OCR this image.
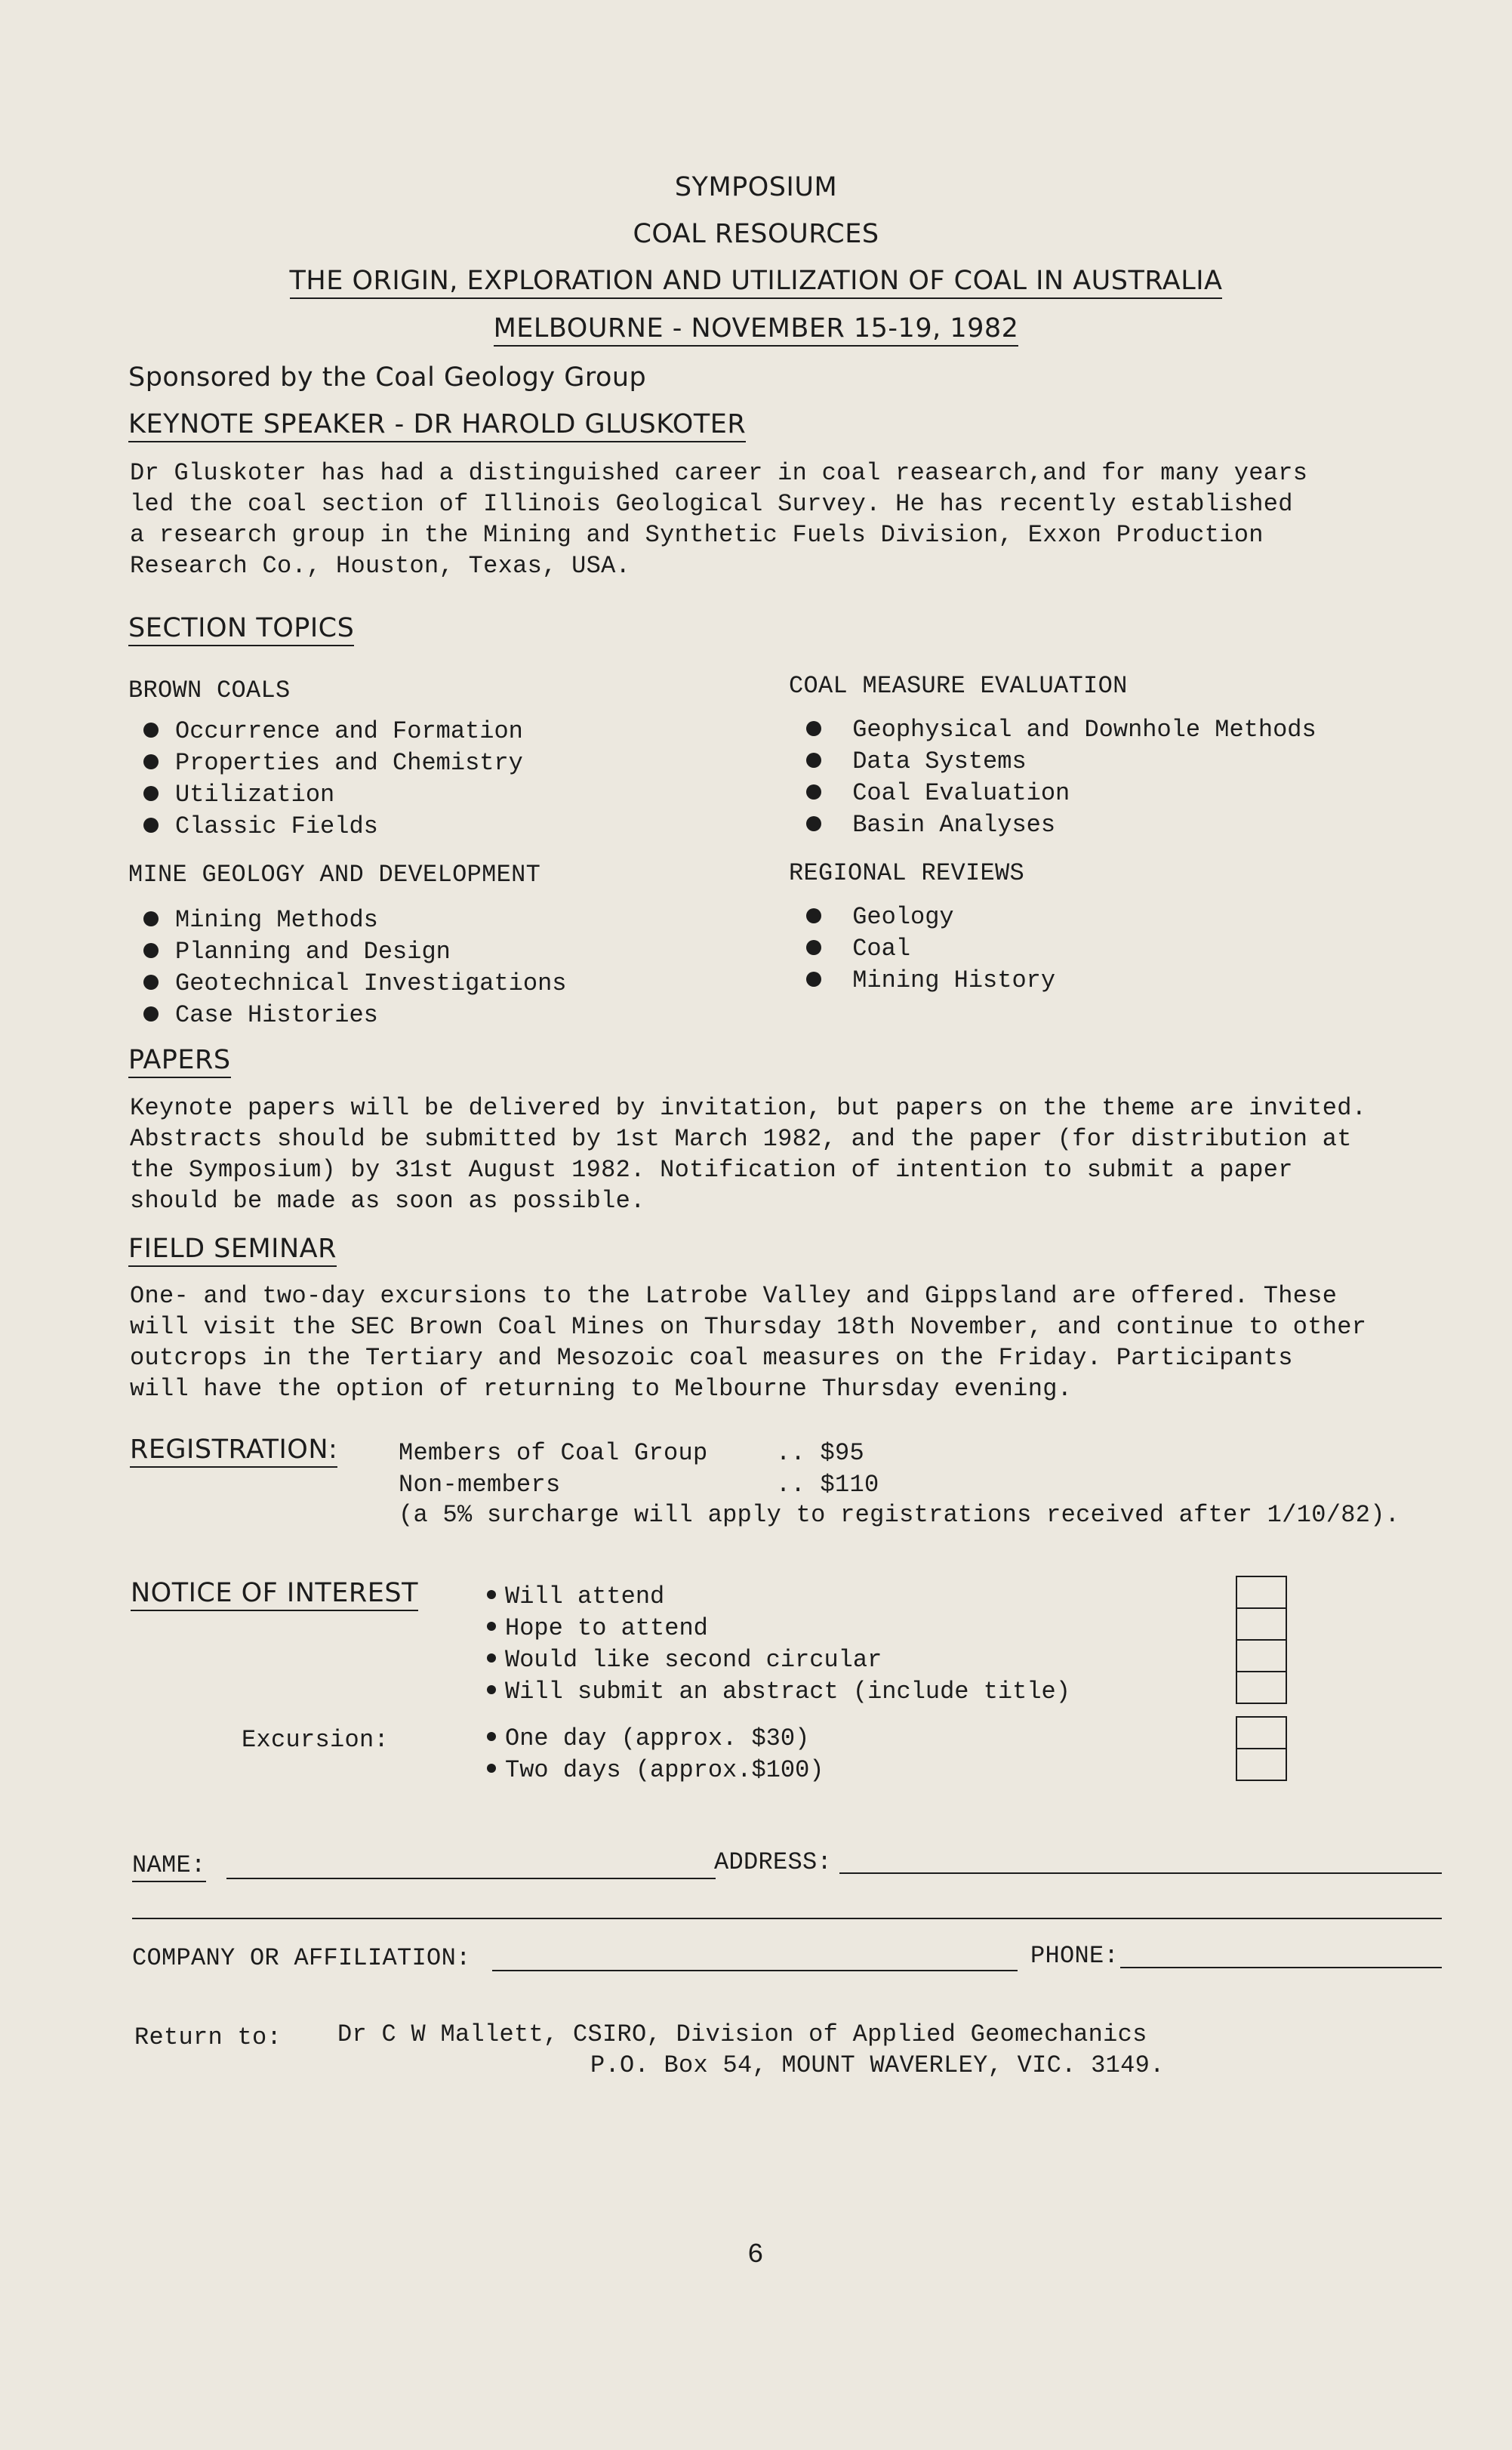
SYMPOSIUM
COAL RESOURCES
THE ORIGIN, EXPLORATION AND UTILIZATION OF COAL IN AUSTRALIA
MELBOURNE - NOVEMBER 15-19, 1982
Sponsored by the Coal Geology Group
KEYNOTE SPEAKER - DR HAROLD GLUSKOTER
Dr Gluskoter has had a distinguished career in coal reasearch,and for many years
led the coal section of Illinois Geological Survey. He has recently established
a research group in the Mining and Synthetic Fuels Division, Exxon Production
Research Co., Houston, Texas, USA.
SECTION TOPICS
BROWN COALS
Occurrence and Formation
Properties and Chemistry
Utilization
Classic Fields
COAL MEASURE EVALUATION
Geophysical and Downhole Methods
Data Systems
Coal Evaluation
Basin Analyses
MINE GEOLOGY AND DEVELOPMENT
Mining Methods
Planning and Design
Geotechnical Investigations
Case Histories
REGIONAL REVIEWS
Geology
Coal
Mining History
PAPERS
Keynote papers will be delivered by invitation, but papers on the theme are invited.
Abstracts should be submitted by 1st March 1982, and the paper (for distribution at
the Symposium) by 31st August 1982. Notification of intention to submit a paper
should be made as soon as possible.
FIELD SEMINAR
One- and two-day excursions to the Latrobe Valley and Gippsland are offered. These
will visit the SEC Brown Coal Mines on Thursday 18th November, and continue to other
outcrops in the Tertiary and Mesozoic coal measures on the Friday. Participants
will have the option of returning to Melbourne Thursday evening.
REGISTRATION:	Members of Coal Group	.. $95
Non-members	.. $110
(a 5% surcharge will apply to registrations received after 1/10/82).
NOTICE OF INTEREST	Will attend
Hope to attend
Would like second circular
Will submit an abstract (include title)
Excursion:	One day (approx. $30)
Two days (approx.$100)
NAME:	ADDRESS:
COMPANY OR AFFILIATION:	PHONE:
Return to: Dr C W Mallett, CSIRO, Division of Applied Geomechanics
P.O. Box 54, MOUNT WAVERLEY, VIC. 3149.
6
